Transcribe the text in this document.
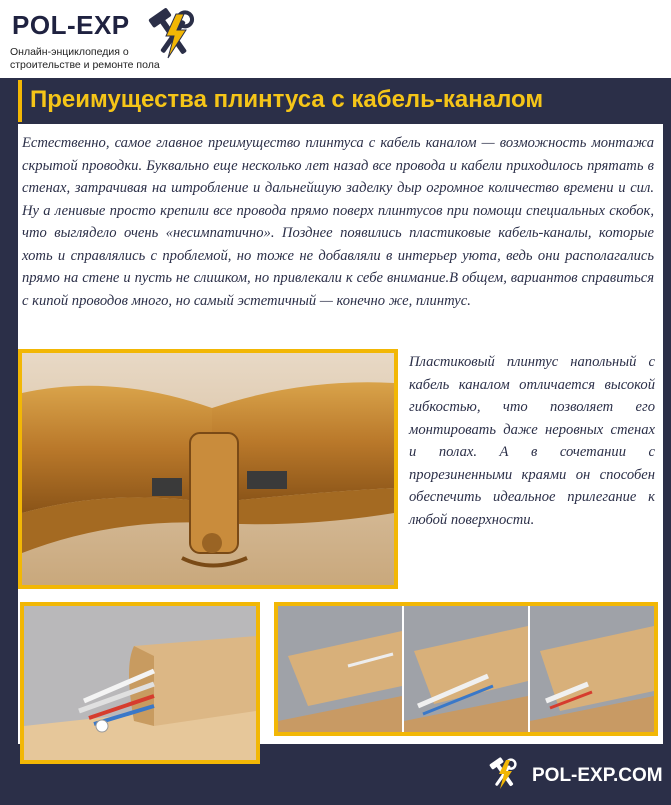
POL-EXP
Онлайн-энциклопедия о строительстве и ремонте пола
Преимущества плинтуса с кабель-каналом

Естественно, самое главное преимущество плинтуса с кабель каналом — возможность монтажа скрытой проводки. Буквально еще несколько лет назад все провода и кабели приходилось прятать в стенах, затрачивая на штробление и дальнейшую заделку дыр огромное количество времени и сил. Ну а ленивые просто крепили все провода прямо поверх плинтусов при помощи специальных скобок, что выглядело очень «несимпатично». Позднее появились пластиковые кабель-каналы, которые хоть и справлялись с проблемой, но тоже не добавляли в интерьер уюта, ведь они располагались прямо на стене и пусть не слишком, но привлекали к себе внимание.В общем, вариантов справиться с кипой проводов много, но самый эстетичный — конечно же, плинтус.

Пластиковый плинтус напольный с кабель каналом отличается высокой гибкостью, что позволяет его монтировать даже неровных стенах и полах. А в сочетании с прорезиненными краями он способен обеспечить идеальное прилегание к любой поверхности.

POL-EXP.COM
